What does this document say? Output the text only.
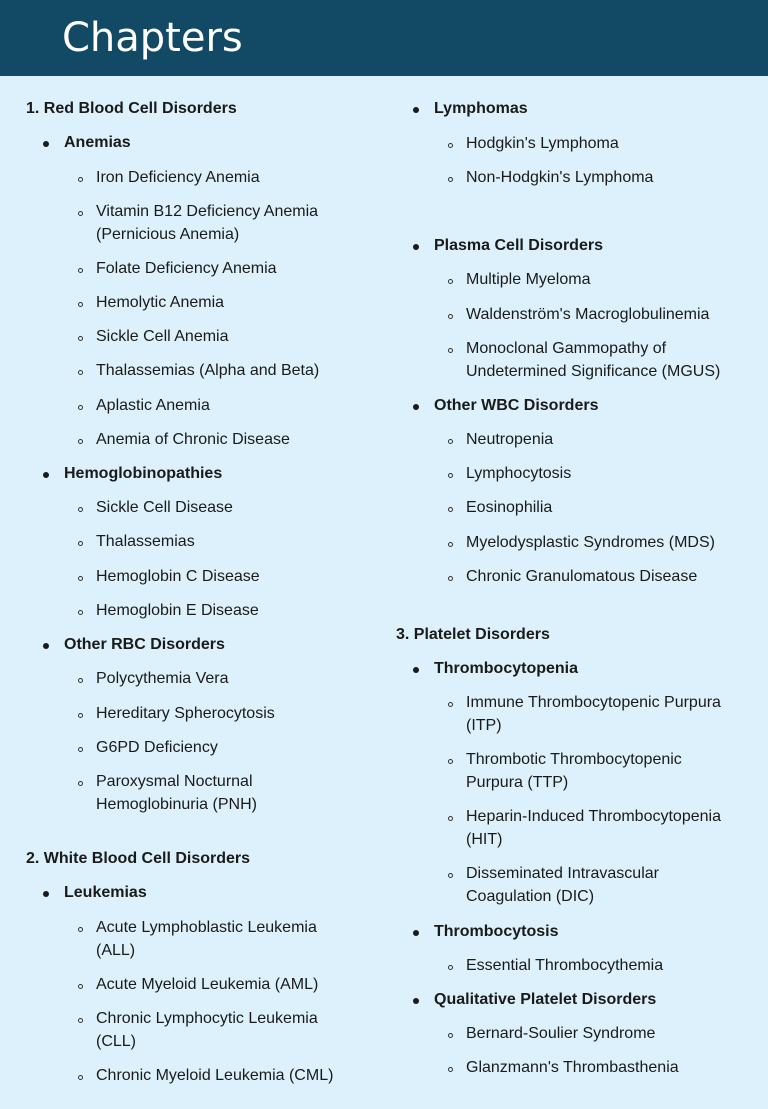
Chapters
1. Red Blood Cell Disorders
Anemias
Iron Deficiency Anemia
Vitamin B12 Deficiency Anemia
(Pernicious Anemia)
Folate Deficiency Anemia
Hemolytic Anemia
Sickle Cell Anemia
Thalassemias (Alpha and Beta)
Aplastic Anemia
Anemia of Chronic Disease
Hemoglobinopathies
Sickle Cell Disease
Thalassemias
Hemoglobin C Disease
Hemoglobin E Disease
Other RBC Disorders
Polycythemia Vera
Hereditary Spherocytosis
G6PD Deficiency
Paroxysmal Nocturnal
Hemoglobinuria (PNH)
2. White Blood Cell Disorders
Leukemias
Acute Lymphoblastic Leukemia
(ALL)
Acute Myeloid Leukemia (AML)
Chronic Lymphocytic Leukemia
(CLL)
Chronic Myeloid Leukemia (CML)
Lymphomas
Hodgkin's Lymphoma
Non-Hodgkin's Lymphoma
Plasma Cell Disorders
Multiple Myeloma
Waldenström's Macroglobulinemia
Monoclonal Gammopathy of
Undetermined Significance (MGUS)
Other WBC Disorders
Neutropenia
Lymphocytosis
Eosinophilia
Myelodysplastic Syndromes (MDS)
Chronic Granulomatous Disease
3. Platelet Disorders
Thrombocytopenia
Immune Thrombocytopenic Purpura
(ITP)
Thrombotic Thrombocytopenic
Purpura (TTP)
Heparin-Induced Thrombocytopenia
(HIT)
Disseminated Intravascular
Coagulation (DIC)
Thrombocytosis
Essential Thrombocythemia
Qualitative Platelet Disorders
Bernard-Soulier Syndrome
Glanzmann's Thrombasthenia
